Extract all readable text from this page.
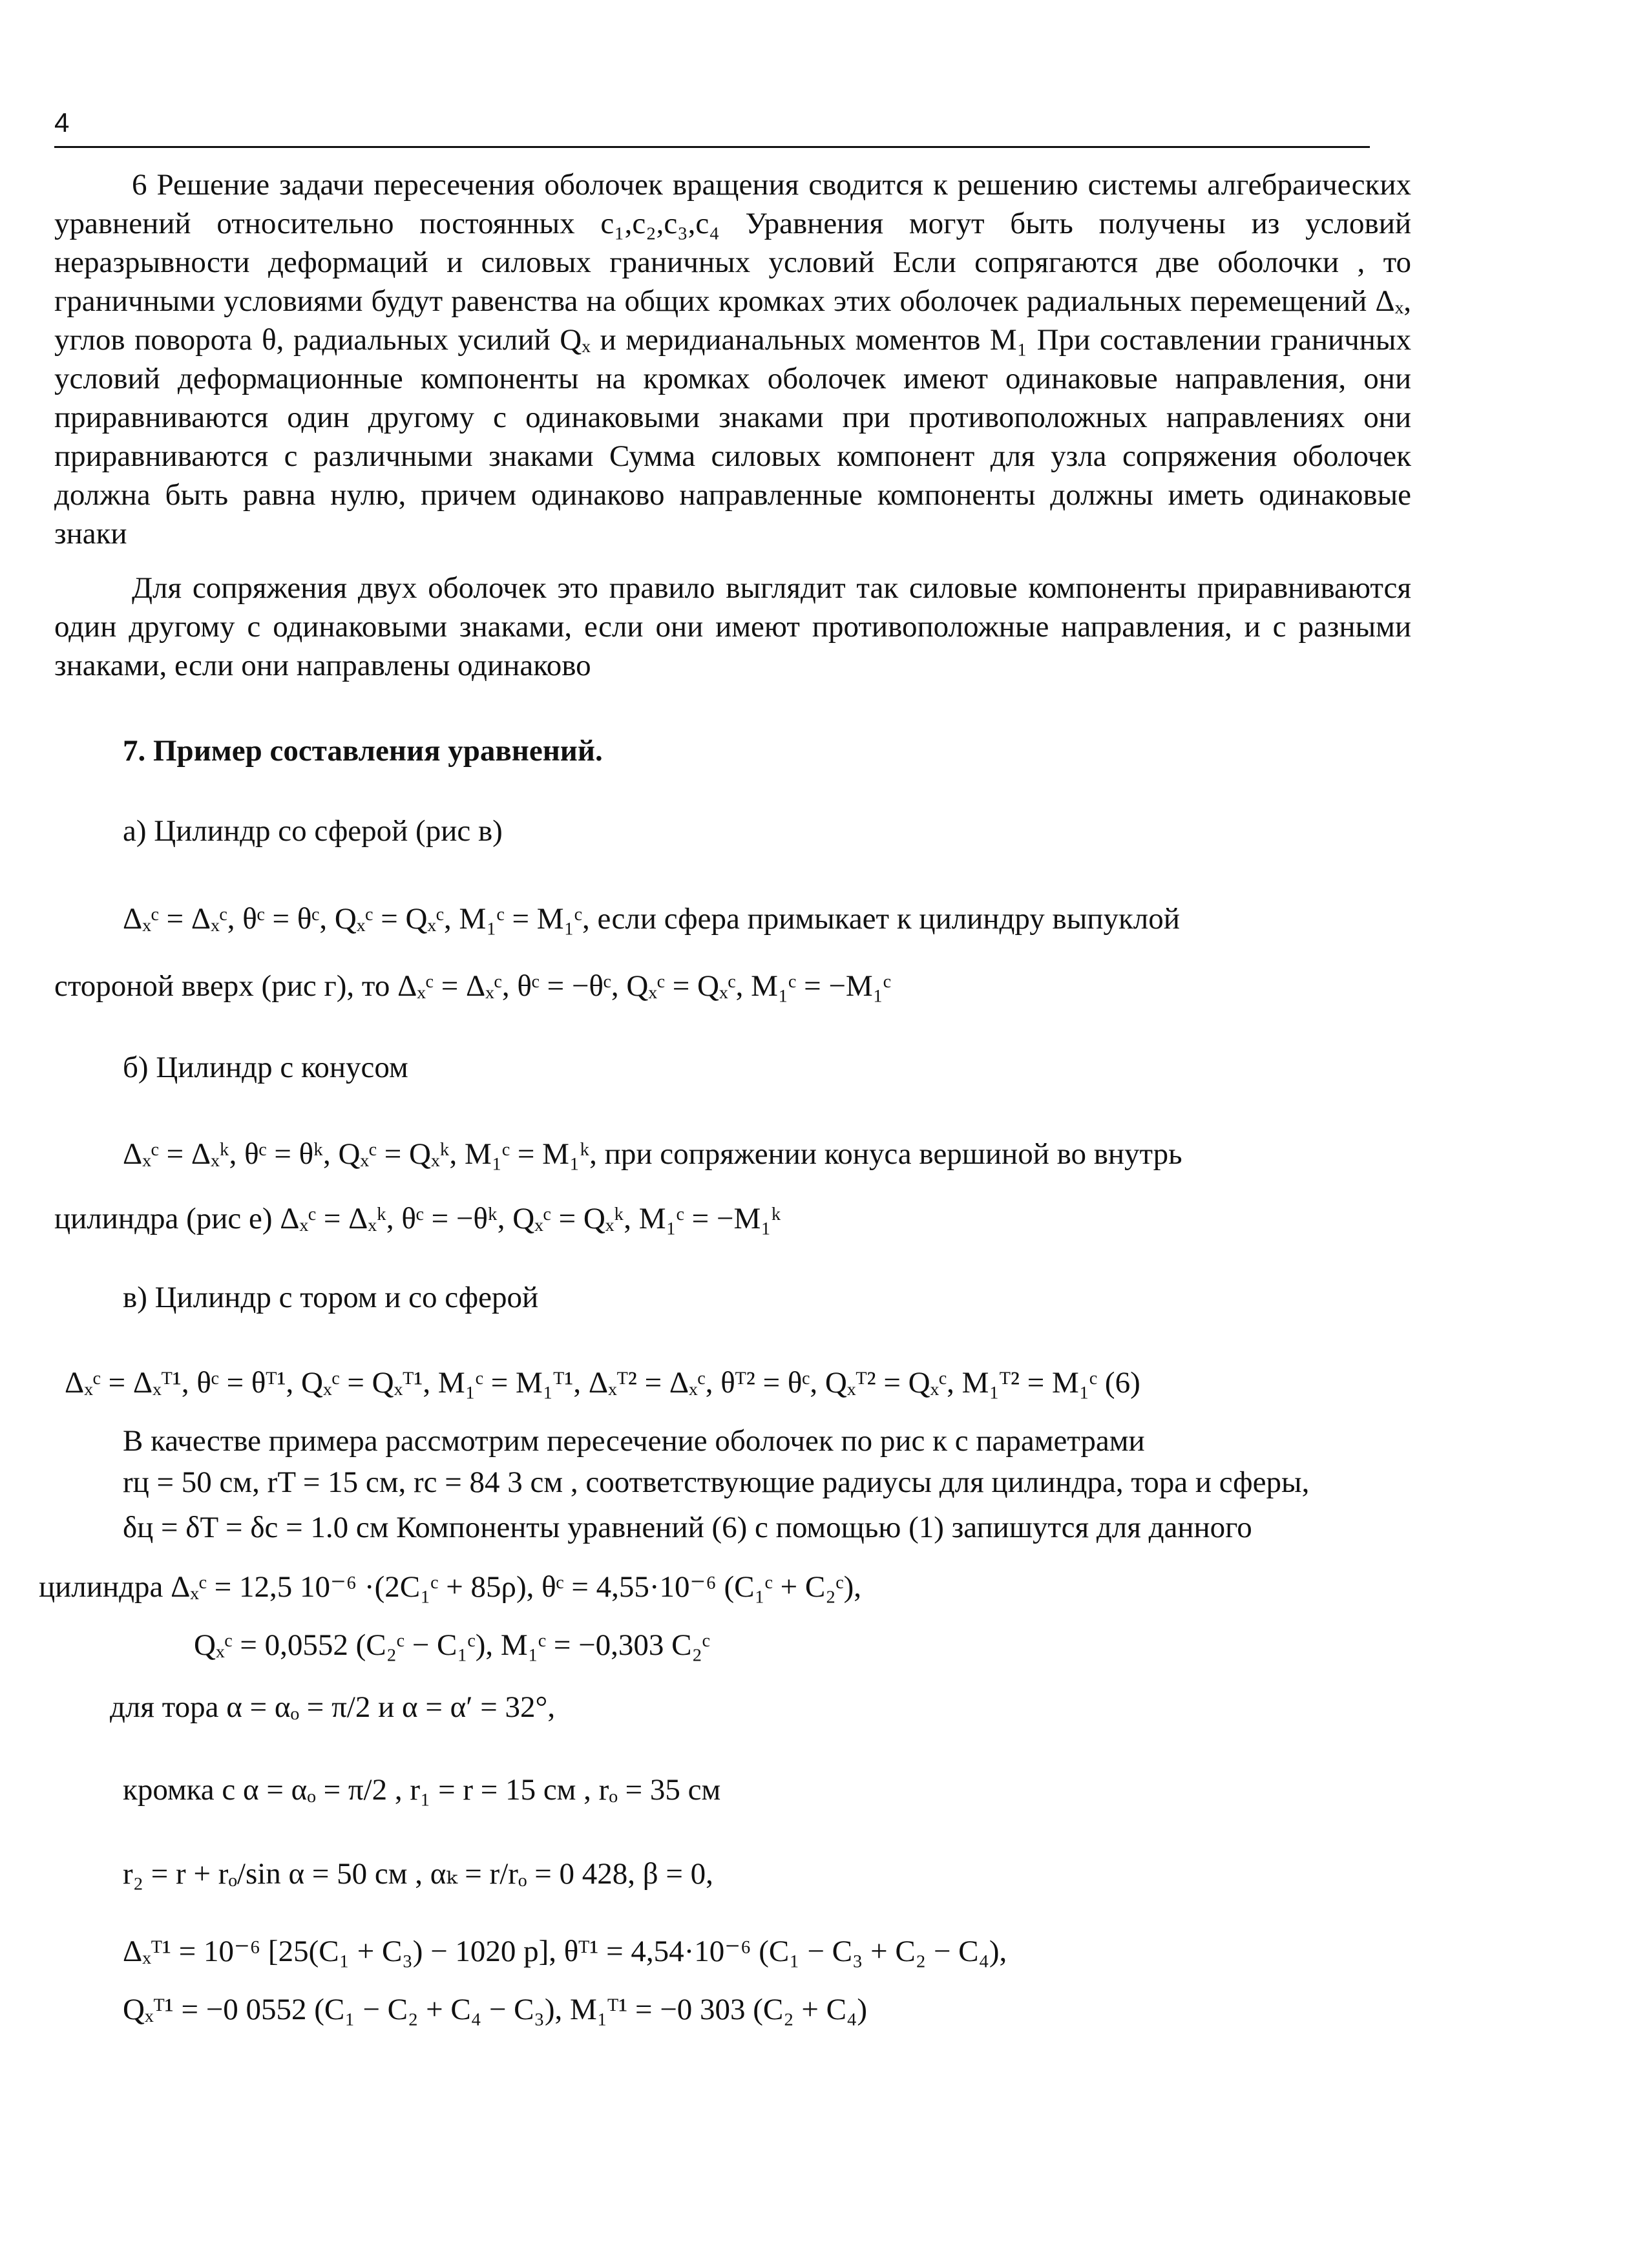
4

6 Решение задачи пересечения оболочек вращения сводится к решению системы алгебраических уравнений относительно постоянных c₁,c₂,c₃,c₄ Уравнения могут быть получены из условий неразрывности деформаций и силовых граничных условий Если сопрягаются две оболочки , то граничными условиями будут равенства на общих кромках этих оболочек радиальных перемещений Δₓ, углов поворота θ, радиальных усилий Qₓ и меридианальных моментов M₁ При составлении граничных условий деформационные компоненты на кромках оболочек имеют одинаковые направления, они приравниваются один другому с одинаковыми знаками при противоположных направлениях они приравниваются с различными знаками Сумма силовых компонент для узла сопряжения оболочек должна быть равна нулю, причем одинаково направленные компоненты должны иметь одинаковые знаки

Для сопряжения двух оболочек это правило выглядит так силовые компоненты приравниваются один другому с одинаковыми знаками, если они имеют противоположные направления, и с разными знаками, если они направлены одинаково

7. Пример составления уравнений.

а) Цилиндр со сферой (рис в)

Δₓᶜ = Δₓᶜ, θᶜ = θᶜ, Qₓᶜ = Qₓᶜ, M₁ᶜ = M₁ᶜ, если сфера примыкает к цилиндру выпуклой

стороной вверх (рис г), то Δₓᶜ = Δₓᶜ, θᶜ = −θᶜ, Qₓᶜ = Qₓᶜ, M₁ᶜ = −M₁ᶜ

б) Цилиндр с конусом

Δₓᶜ = Δₓᵏ, θᶜ = θᵏ, Qₓᶜ = Qₓᵏ, M₁ᶜ = M₁ᵏ, при сопряжении конуса вершиной во внутрь

цилиндра (рис е) Δₓᶜ = Δₓᵏ, θᶜ = −θᵏ, Qₓᶜ = Qₓᵏ, M₁ᶜ = −M₁ᵏ

в) Цилиндр с тором и со сферой

Δₓᶜ = Δₓᵀ¹, θᶜ = θᵀ¹, Qₓᶜ = Qₓᵀ¹, M₁ᶜ = M₁ᵀ¹, Δₓᵀ² = Δₓᶜ, θᵀ² = θᶜ, Qₓᵀ² = Qₓᶜ, M₁ᵀ² = M₁ᶜ (6)

В качестве примера рассмотрим пересечение оболочек по рис к с параметрами

rц = 50 см, rT = 15 см, rc = 84 3 см , соответствующие радиусы для цилиндра, тора и сферы,

δц = δT = δc = 1.0 см Компоненты уравнений (6) с помощью (1) запишутся для данного

цилиндра Δₓᶜ = 12,5 10⁻⁶ ·(2C₁ᶜ + 85ρ), θᶜ = 4,55·10⁻⁶ (C₁ᶜ + C₂ᶜ),

Qₓᶜ = 0,0552 (C₂ᶜ − C₁ᶜ), M₁ᶜ = −0,303 C₂ᶜ

для тора α = αₒ = π/2 и α = α′ = 32°,

кромка с α = αₒ = π/2 , r₁ = r = 15 см , rₒ = 35 см

r₂ = r + rₒ/sin α = 50 см , αₖ = r/rₒ = 0 428, β = 0,

Δₓᵀ¹ = 10⁻⁶ [25(C₁ + C₃) − 1020 p], θᵀ¹ = 4,54·10⁻⁶ (C₁ − C₃ + C₂ − C₄),

Qₓᵀ¹ = −0 0552 (C₁ − C₂ + C₄ − C₃), M₁ᵀ¹ = −0 303 (C₂ + C₄)
